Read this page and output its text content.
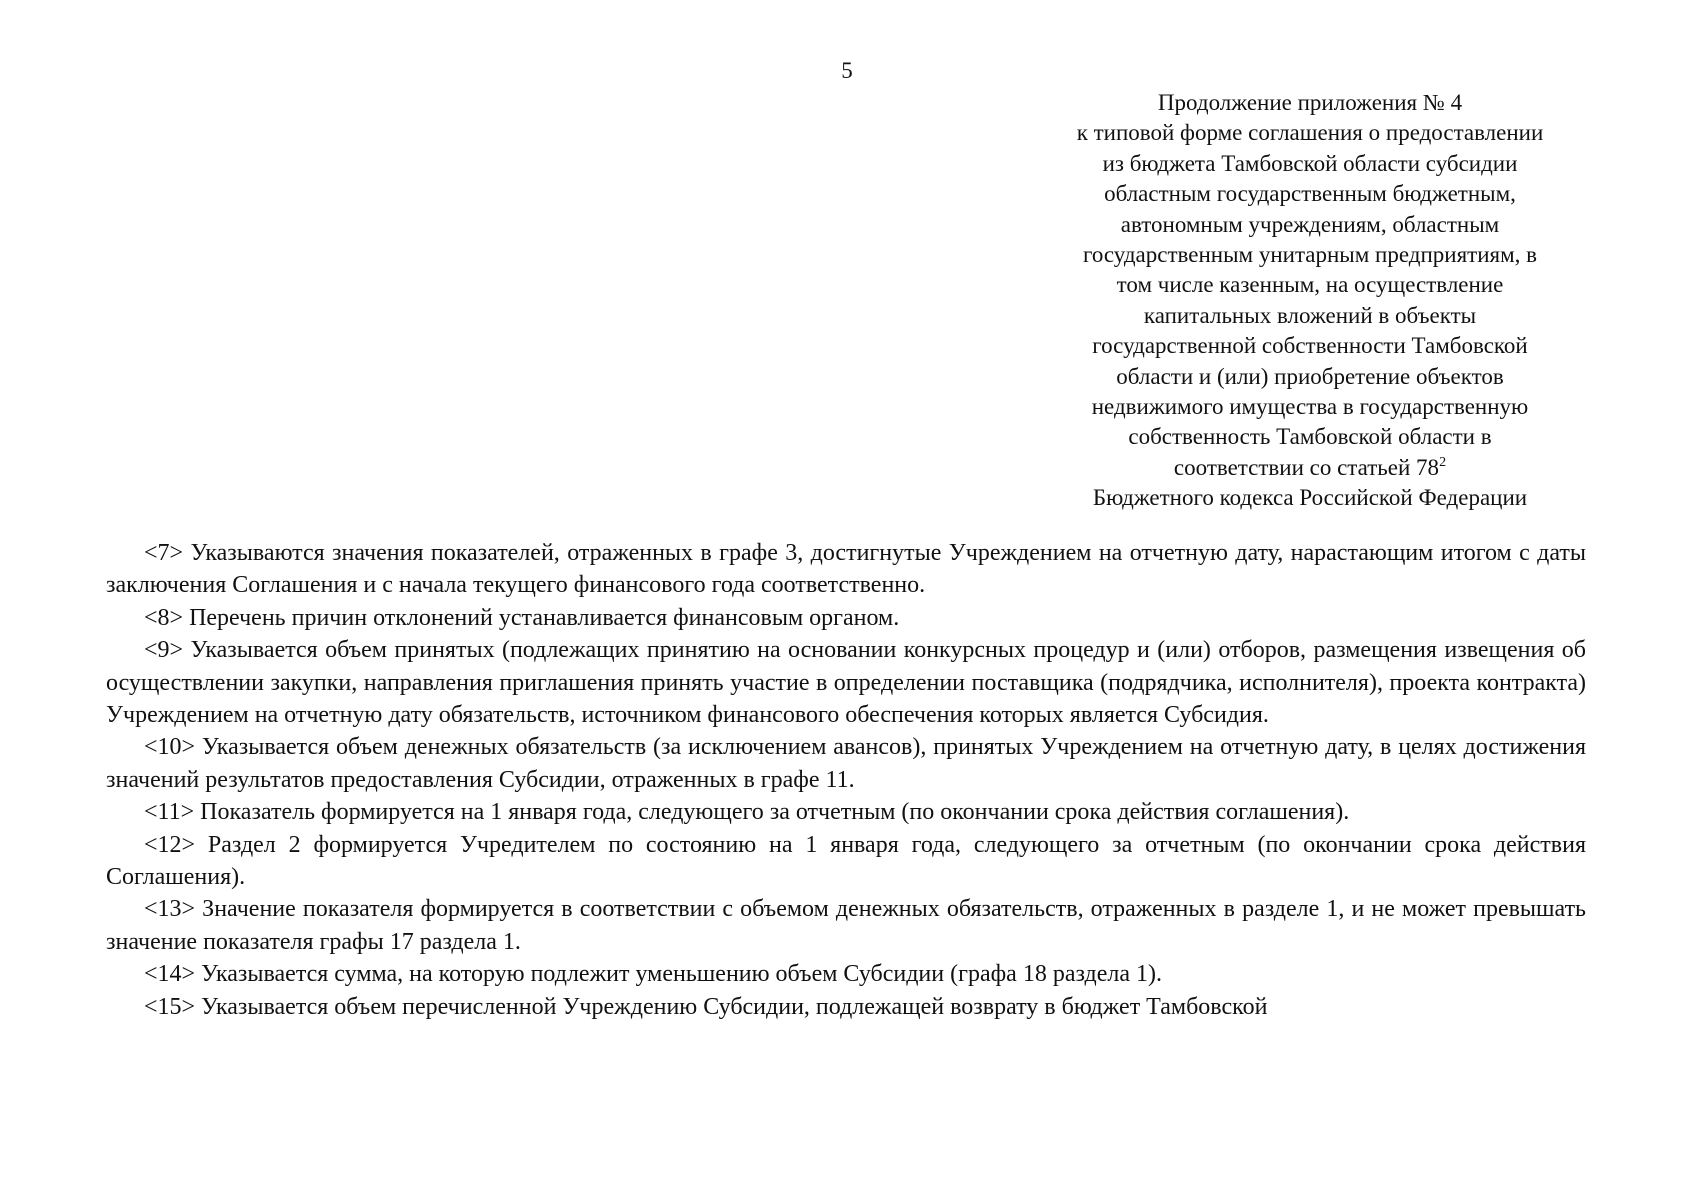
5
Продолжение приложения № 4
к типовой форме соглашения о предоставлении
из бюджета Тамбовской области субсидии
областным государственным бюджетным,
автономным учреждениям, областным
государственным унитарным предприятиям, в
том числе казенным, на осуществление
капитальных вложений в объекты
государственной собственности Тамбовской
области и (или) приобретение объектов
недвижимого имущества в государственную
собственность Тамбовской области в
соответствии со статьей $78^2$
Бюджетного кодекса Российской Федерации

<7> Указываются значения показателей, отраженных в графе 3, достигнутые Учреждением на отчетную дату, нарастающим итогом с даты заключения Соглашения и с начала текущего финансового года соответственно.

<8> Перечень причин отклонений устанавливается финансовым органом.

<9> Указывается объем принятых (подлежащих принятию на основании конкурсных процедур и (или) отборов, размещения извещения об осуществлении закупки, направления приглашения принять участие в определении поставщика (подрядчика, исполнителя), проекта контракта) Учреждением на отчетную дату обязательств, источником финансового обеспечения которых является Субсидия.

<10> Указывается объем денежных обязательств (за исключением авансов), принятых Учреждением на отчетную дату, в целях достижения значений результатов предоставления Субсидии, отраженных в графе 11.

<11> Показатель формируется на 1 января года, следующего за отчетным (по окончании срока действия соглашения).

<12> Раздел 2 формируется Учредителем по состоянию на 1 января года, следующего за отчетным (по окончании срока действия Соглашения).

<13> Значение показателя формируется в соответствии с объемом денежных обязательств, отраженных в разделе 1, и не может превышать значение показателя графы 17 раздела 1.

<14> Указывается сумма, на которую подлежит уменьшению объем Субсидии (графа 18 раздела 1).

<15> Указывается объем перечисленной Учреждению Субсидии, подлежащей возврату в бюджет Тамбовской
